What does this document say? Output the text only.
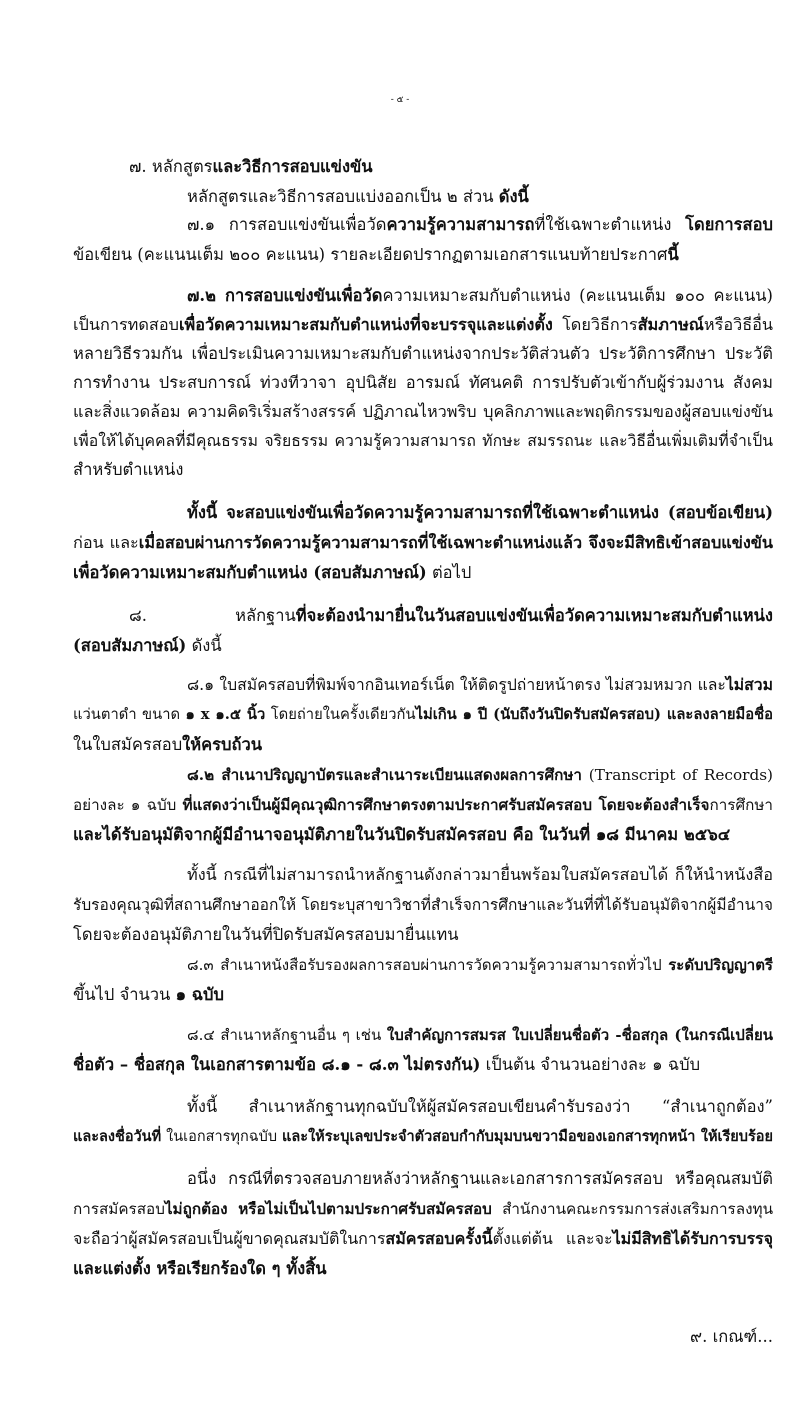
- ๕ -
๗. หลักสูตรและวิธีการสอบแข่งขัน
หลักสูตรและวิธีการสอบแบ่งออกเป็น ๒ ส่วน ดังนี้
๗.๑ การสอบแข่งขันเพื่อวัดความรู้ความสามารถที่ใช้เฉพาะตำแหน่ง โดยการสอบ
ข้อเขียน (คะแนนเต็ม ๒๐๐ คะแนน) รายละเอียดปรากฏตามเอกสารแนบท้ายประกาศนี้
๗.๒ การสอบแข่งขันเพื่อวัดความเหมาะสมกับตำแหน่ง (คะแนนเต็ม ๑๐๐ คะแนน)
เป็นการทดสอบเพื่อวัดความเหมาะสมกับตำแหน่งที่จะบรรจุและแต่งตั้ง โดยวิธีการสัมภาษณ์หรือวิธีอื่น
หลายวิธีรวมกัน เพื่อประเมินความเหมาะสมกับตำแหน่งจากประวัติส่วนตัว ประวัติการศึกษา ประวัติ
การทำงาน ประสบการณ์ ท่วงทีวาจา อุปนิสัย อารมณ์ ทัศนคติ การปรับตัวเข้ากับผู้ร่วมงาน สังคม
และสิ่งแวดล้อม ความคิดริเริ่มสร้างสรรค์ ปฏิภาณไหวพริบ บุคลิกภาพและพฤติกรรมของผู้สอบแข่งขัน
เพื่อให้ได้บุคคลที่มีคุณธรรม จริยธรรม ความรู้ความสามารถ ทักษะ สมรรถนะ และวิธีอื่นเพิ่มเติมที่จำเป็น
สำหรับตำแหน่ง
ทั้งนี้ จะสอบแข่งขันเพื่อวัดความรู้ความสามารถที่ใช้เฉพาะตำแหน่ง (สอบข้อเขียน)
ก่อน และเมื่อสอบผ่านการวัดความรู้ความสามารถที่ใช้เฉพาะตำแหน่งแล้ว จึงจะมีสิทธิเข้าสอบแข่งขัน
เพื่อวัดความเหมาะสมกับตำแหน่ง (สอบสัมภาษณ์) ต่อไป
๘. หลักฐานที่จะต้องนำมายื่นในวันสอบแข่งขันเพื่อวัดความเหมาะสมกับตำแหน่ง
(สอบสัมภาษณ์) ดังนี้
๘.๑ ใบสมัครสอบที่พิมพ์จากอินเทอร์เน็ต ให้ติดรูปถ่ายหน้าตรง ไม่สวมหมวก และไม่สวม
แว่นตาดำ ขนาด ๑ x ๑.๕ นิ้ว โดยถ่ายในครั้งเดียวกันไม่เกิน ๑ ปี (นับถึงวันปิดรับสมัครสอบ) และลงลายมือชื่อ
ในใบสมัครสอบให้ครบถ้วน
๘.๒ สำเนาปริญญาบัตรและสำเนาระเบียนแสดงผลการศึกษา (Transcript of Records)
อย่างละ ๑ ฉบับ ที่แสดงว่าเป็นผู้มีคุณวุฒิการศึกษาตรงตามประกาศรับสมัครสอบ โดยจะต้องสำเร็จการศึกษา
และได้รับอนุมัติจากผู้มีอำนาจอนุมัติภายในวันปิดรับสมัครสอบ คือ ในวันที่ ๑๘ มีนาคม ๒๕๖๔
ทั้งนี้ กรณีที่ไม่สามารถนำหลักฐานดังกล่าวมายื่นพร้อมใบสมัครสอบได้ ก็ให้นำหนังสือ
รับรองคุณวุฒิที่สถานศึกษาออกให้ โดยระบุสาขาวิชาที่สำเร็จการศึกษาและวันที่ที่ได้รับอนุมัติจากผู้มีอำนาจ
โดยจะต้องอนุมัติภายในวันที่ปิดรับสมัครสอบมายื่นแทน
๘.๓ สำเนาหนังสือรับรองผลการสอบผ่านการวัดความรู้ความสามารถทั่วไป ระดับปริญญาตรี
ขึ้นไป จำนวน ๑ ฉบับ
๘.๔ สำเนาหลักฐานอื่น ๆ เช่น ใบสำคัญการสมรส ใบเปลี่ยนชื่อตัว -ชื่อสกุล (ในกรณีเปลี่ยน
ชื่อตัว – ชื่อสกุล ในเอกสารตามข้อ ๘.๑ - ๘.๓ ไม่ตรงกัน) เป็นต้น จำนวนอย่างละ ๑ ฉบับ
ทั้งนี้ สำเนาหลักฐานทุกฉบับให้ผู้สมัครสอบเขียนคำรับรองว่า “สำเนาถูกต้อง”
และลงชื่อวันที่ ในเอกสารทุกฉบับ และให้ระบุเลขประจำตัวสอบกำกับมุมบนขวามือของเอกสารทุกหน้า ให้เรียบร้อย
อนึ่ง กรณีที่ตรวจสอบภายหลังว่าหลักฐานและเอกสารการสมัครสอบ หรือคุณสมบัติ
การสมัครสอบไม่ถูกต้อง หรือไม่เป็นไปตามประกาศรับสมัครสอบ สำนักงานคณะกรรมการส่งเสริมการลงทุน
จะถือว่าผู้สมัครสอบเป็นผู้ขาดคุณสมบัติในการสมัครสอบครั้งนี้ตั้งแต่ต้น และจะไม่มีสิทธิได้รับการบรรจุ
และแต่งตั้ง หรือเรียกร้องใด ๆ ทั้งสิ้น
๙. เกณฑ์...
